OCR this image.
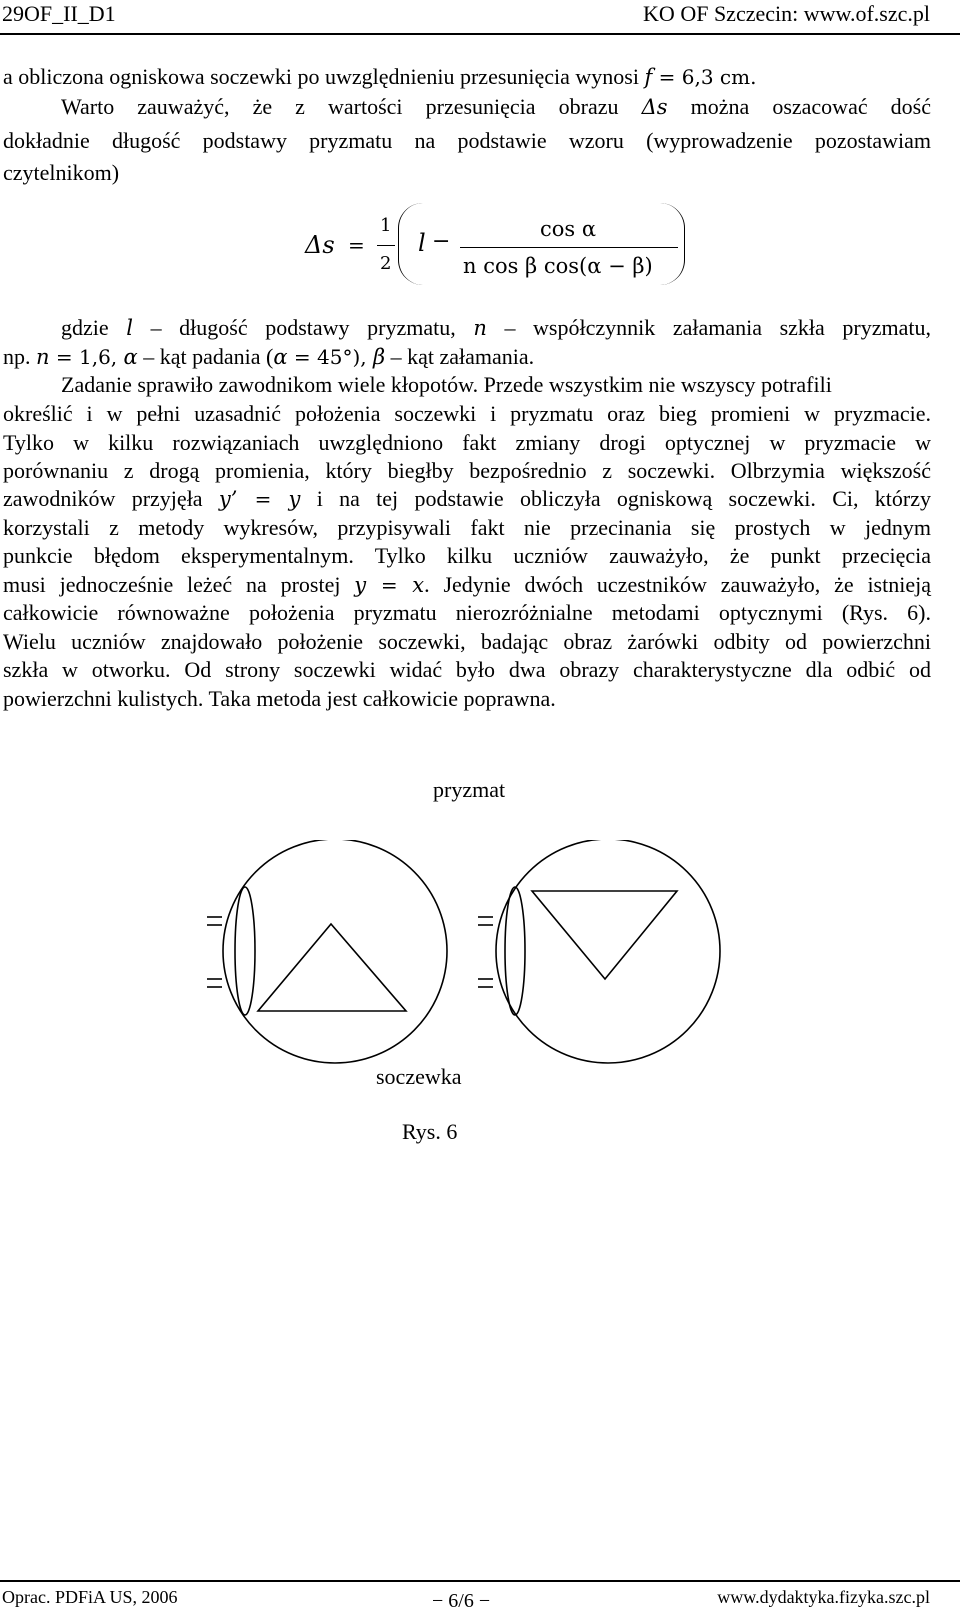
29OF_II_D1	KO OF Szczecin: www.of.szc.pl
a obliczona ogniskowa soczewki po uwzględnieniu przesunięcia wynosi f = 6,3 cm.
Warto zauważyć, że z wartości przesunięcia obrazu Δs można oszacować dość
dokładnie długość podstawy pryzmatu na podstawie wzoru (wyprowadzenie pozostawiam
czytelnikom)
Δs =
1
2
l −	cos α
n cos β cos(α − β)
gdzie l – długość podstawy pryzmatu, n – współczynnik załamania szkła pryzmatu,
np. n = 1,6, α – kąt padania (α = 45°), β – kąt załamania.
Zadanie sprawiło zawodnikom wiele kłopotów. Przede wszystkim nie wszyscy potrafili
określić i w pełni uzasadnić położenia soczewki i pryzmatu oraz bieg promieni w pryzmacie.
Tylko w kilku rozwiązaniach uwzględniono fakt zmiany drogi optycznej w pryzmacie w
porównaniu z drogą promienia, który biegłby bezpośrednio z soczewki. Olbrzymia większość
zawodników przyjęła y’ = y i na tej podstawie obliczyła ogniskową soczewki. Ci, którzy
korzystali z metody wykresów, przypisywali fakt nie przecinania się prostych w jednym
punkcie błędom eksperymentalnym. Tylko kilku uczniów zauważyło, że punkt przecięcia
musi jednocześnie leżeć na prostej y = x. Jedynie dwóch uczestników zauważyło, że istnieją
całkowicie równoważne położenia pryzmatu nierozróżnialne metodami optycznymi (Rys. 6).
Wielu uczniów znajdowało położenie soczewki, badając obraz żarówki odbity od powierzchni
szkła w otworku. Od strony soczewki widać było dwa obrazy charakterystyczne dla odbić od
powierzchni kulistych. Taka metoda jest całkowicie poprawna.
pryzmat
soczewka
Rys. 6
Oprac. PDFiA US, 2006	− 6/6 −	www.dydaktyka.fizyka.szc.pl
